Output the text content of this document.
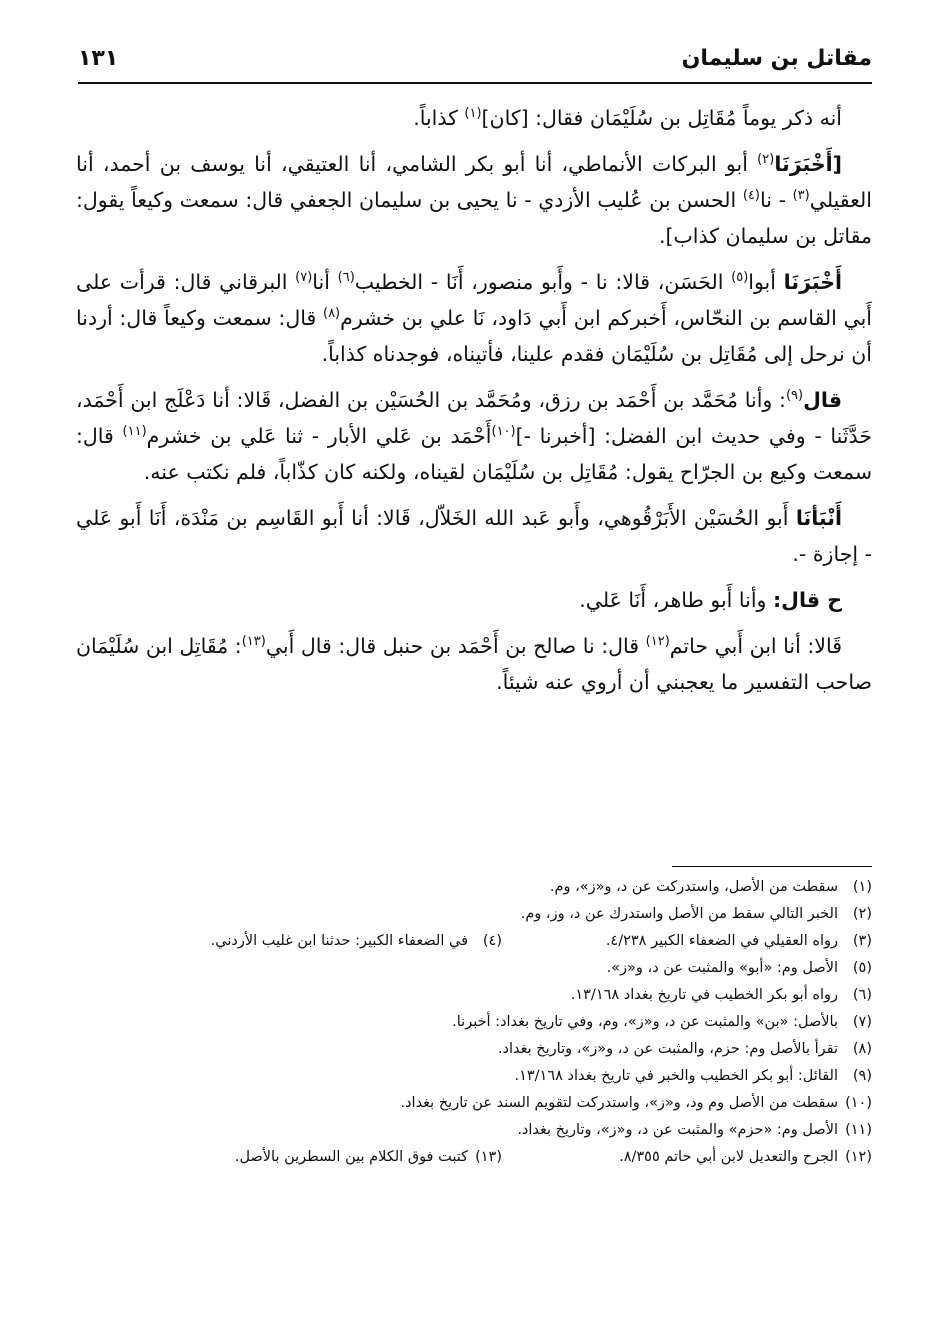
مقاتل بن سليمان
١٣١

أنه ذكر يوماً مُقَاتِل بن سُلَيْمَان فقال: [كان]$^{(١)}$ كذاباً.

[أَخْبَرَنَا$^{(٢)}$ أبو البركات الأنماطي، أنا أبو بكر الشامي، أنا العتيقي، أنا يوسف بن أحمد، أنا العقيلي$^{(٣)}$ - نا$^{(٤)}$ الحسن بن عُليب الأزدي - نا يحيى بن سليمان الجعفي قال: سمعت وكيعاً يقول: مقاتل بن سليمان كذاب].

أَخْبَرَنَا أبوا$^{(٥)}$ الحَسَن، قالا: نا - وأَبو منصور، أَنَا - الخطيب$^{(٦)}$ أنا$^{(٧)}$ البرقاني قال: قرأت على أَبي القاسم بن النحّاس، أَخبركم ابن أَبي دَاود، نَا علي بن خشرم$^{(٨)}$ قال: سمعت وكيعاً قال: أردنا أن نرحل إلى مُقَاتِل بن سُلَيْمَان فقدم علينا، فأتيناه، فوجدناه كذاباً.

قال$^{(٩)}$: وأنا مُحَمَّد بن أَحْمَد بن رزق، ومُحَمَّد بن الحُسَيْن بن الفضل، قَالا: أنا دَعْلَج ابن أَحْمَد، حَدَّثَنا - وفي حديث ابن الفضل: [أخبرنا -]$^{(١٠)}$أَحْمَد بن عَلي الأبار - ثنا عَلي بن خشرم$^{(١١)}$ قال: سمعت وكيع بن الجرّاح يقول: مُقَاتِل بن سُلَيْمَان لقيناه، ولكنه كان كذّاباً، فلم نكتب عنه.

أَنْبَأنَا أَبو الحُسَيْن الأَبَرْقُوهي، وأَبو عَبد الله الخَلاّل، قَالا: أنا أَبو القَاسِم بن مَنْدَة، أَنَا أَبو عَلي - إجازة -.

ح قال: وأنا أَبو طاهر، أَنَا عَلي.

قَالا: أنا ابن أَبي حاتم$^{(١٢)}$ قال: نا صالح بن أَحْمَد بن حنبل قال: قال أَبي$^{(١٣)}$: مُقَاتِل ابن سُلَيْمَان صاحب التفسير ما يعجبني أن أروي عنه شيئاً.

(١)
سقطت من الأصل، واستدركت عن د، و«ز»، وم.
(٢)
الخبر التالي سقط من الأصل واستدرك عن د، وز، وم.
(٣)
رواه العقيلي في الضعفاء الكبير ٤/٢٣٨.
(٤)
في الضعفاء الكبير: حدثنا ابن غليب الأردني.
(٥)
الأصل وم: «أبو» والمثبت عن د، و«ز».
(٦)
رواه أبو بكر الخطيب في تاريخ بغداد ١٣/١٦٨.
(٧)
بالأصل: «بن» والمثبت عن د، و«ز»، وم، وفي تاريخ بغداد: أخبرنا.
(٨)
تقرأ بالأصل وم: حزم، والمثبت عن د، و«ز»، وتاريخ بغداد.
(٩)
القائل: أبو بكر الخطيب والخبر في تاريخ بغداد ١٣/١٦٨.
(١٠)
سقطت من الأصل وم ود، و«ز»، واستدركت لتقويم السند عن تاريخ بغداد.
(١١)
الأصل وم: «حزم» والمثبت عن د، و«ز»، وتاريخ بغداد.
(١٢)
الجرح والتعديل لابن أبي حاتم ٨/٣٥٥.
(١٣)
كتبت فوق الكلام بين السطرين بالأصل.
